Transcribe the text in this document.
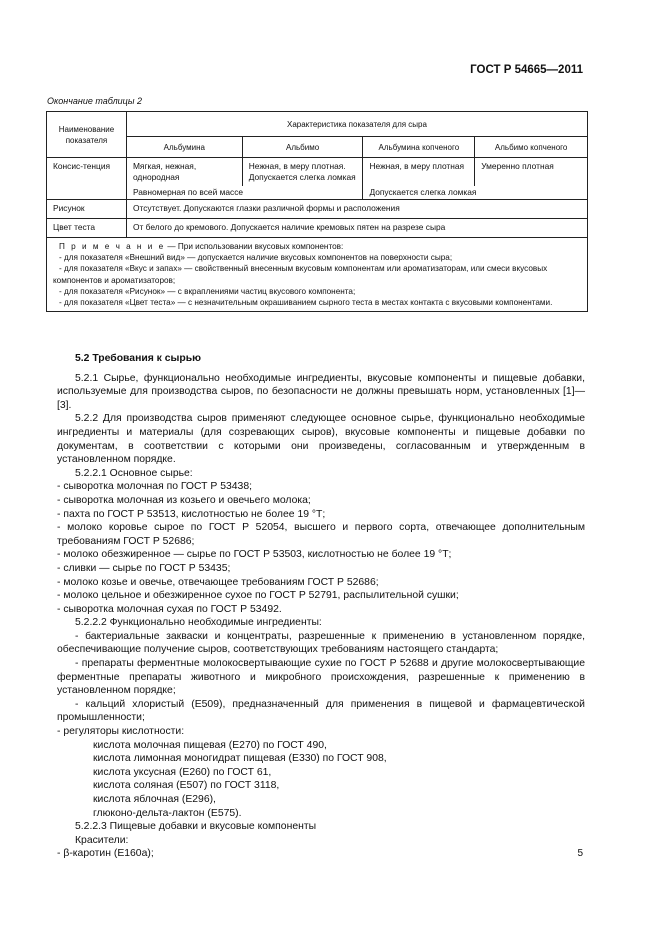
ГОСТ Р 54665—2011
Окончание таблицы 2
Наименование показателя	Характеристика показателя для сыра			
	Альбумина	Альбимо	Альбумина копченого	Альбимо копченого
Конcис-тенция	Мягкая, нежная, однородная	Нежная, в меру плотная. Допускается слегка ломкая	Нежная, в меру плотная	Умеренно плотная
	Равномерная по всей массе		Допускается слегка ломкая	
Рисунок	Отсутствует. Допускаются глазки различной формы и расположения			
Цвет теста	От белого до кремового. Допускается наличие кремовых пятен на разрезе сыра			

П р и м е ч а н и е — При использовании вкусовых компонентов:
- для показателя «Внешний вид» — допускается наличие вкусовых компонентов на поверхности сыра;
- для показателя «Вкус и запах» — свойственный внесенным вкусовым компонентам или ароматизаторам, или смеси вкусовых компонентов и ароматизаторов;
- для показателя «Рисунок» — с вкраплениями частиц вкусового компонента;
- для показателя «Цвет теста» — с незначительным окрашиванием сырного теста в местах контакта с вкусовыми компонентами.				

5.2 Требования к сырью

5.2.1 Сырье, функционально необходимые ингредиенты, вкусовые компоненты и пищевые добавки, используемые для производства сыров, по безопасности не должны превышать норм, установленных [1]—[3].

5.2.2 Для производства сыров применяют следующее основное сырье, функционально необходимые ингредиенты и материалы (для созревающих сыров), вкусовые компоненты и пищевые добавки по документам, в соответствии с которыми они произведены, согласованным и утвержденным в установленном порядке.

5.2.2.1 Основное сырье:

- сыворотка молочная по ГОСТ Р 53438;

- сыворотка молочная из козьего и овечьего молока;

- пахта по ГОСТ Р 53513, кислотностью не более 19 °Т;

- молоко коровье сырое по ГОСТ Р 52054, высшего и первого сорта, отвечающее дополнительным требованиям ГОСТ Р 52686;

- молоко обезжиренное — сырье по ГОСТ Р 53503, кислотностью не более 19 °Т;

- сливки — сырье по ГОСТ Р 53435;

- молоко козье и овечье, отвечающее требованиям ГОСТ Р 52686;

- молоко цельное и обезжиренное сухое по ГОСТ Р 52791, распылительной сушки;

- сыворотка молочная сухая по ГОСТ Р 53492.

5.2.2.2 Функционально необходимые ингредиенты:

- бактериальные закваски и концентраты, разрешенные к применению в установленном порядке, обеспечивающие получение сыров, соответствующих требованиям настоящего стандарта;

- препараты ферментные молокосвертывающие сухие по ГОСТ Р 52688 и другие молокосвертывающие ферментные препараты животного и микробного происхождения, разрешенные к применению в установленном порядке;

- кальций хлористый (Е509), предназначенный для применения в пищевой и фармацевтической промышленности;

- регуляторы кислотности:

кислота молочная пищевая (Е270) по ГОСТ 490,

кислота лимонная моногидрат пищевая (Е330) по ГОСТ 908,

кислота уксусная (Е260) по ГОСТ 61,

кислота соляная (Е507) по ГОСТ 3118,

кислота яблочная (Е296),

глюконо-дельта-лактон (Е575).

5.2.2.3 Пищевые добавки и вкусовые компоненты

Красители:

- β-каротин (Е160а);	5
